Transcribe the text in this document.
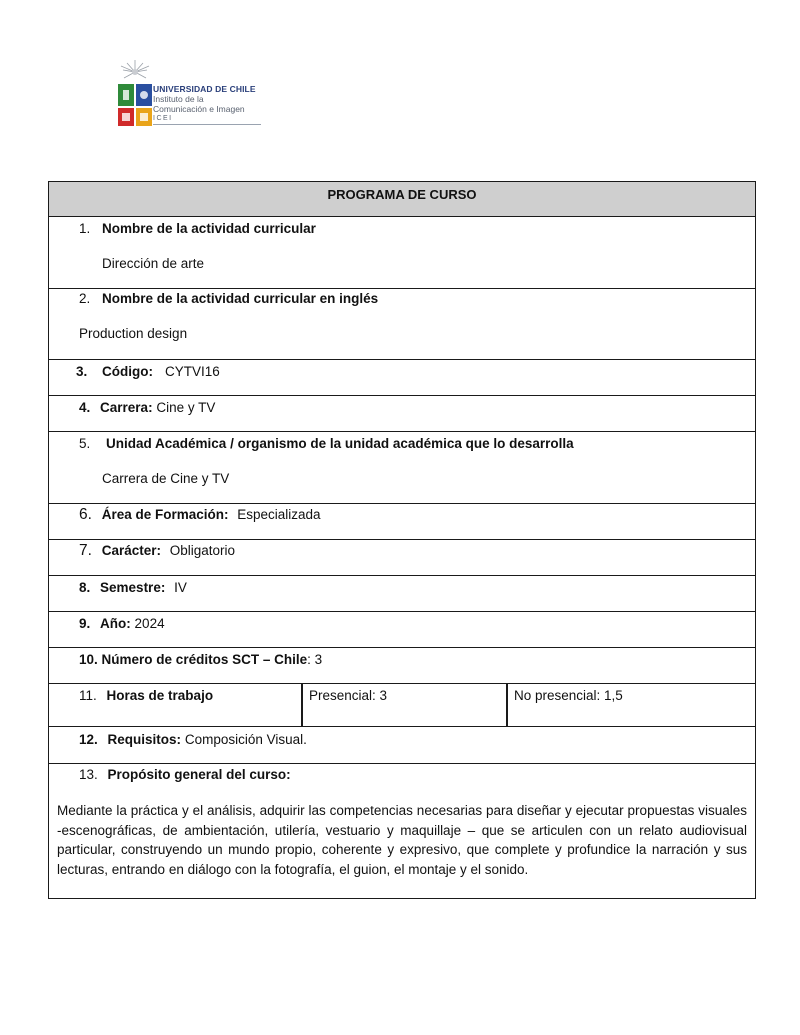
UNIVERSIDAD DE CHILE
Instituto de la
Comunicación e Imagen
ICEI
PROGRAMA DE CURSO
1. Nombre de la actividad curricular
Dirección de arte
2. Nombre de la actividad curricular en inglés
Production design
3. Código: CYTVI16
4. Carrera: Cine y TV
5. Unidad Académica / organismo de la unidad académica que lo desarrolla
Carrera de Cine y TV
6. Área de Formación: Especializada
7. Carácter: Obligatorio
8. Semestre: IV
9. Año: 2024
10. Número de créditos SCT – Chile: 3
11. Horas de trabajo	Presencial: 3	No presencial: 1,5
12. Requisitos: Composición Visual.
13. Propósito general del curso:
Mediante la práctica y el análisis, adquirir las competencias necesarias para diseñar y ejecutar propuestas visuales -escenográficas, de ambientación, utilería, vestuario y maquillaje – que se articulen con un relato audiovisual particular, construyendo un mundo propio, coherente y expresivo, que complete y profundice la narración y sus lecturas, entrando en diálogo con la fotografía, el guion, el montaje y el sonido.
